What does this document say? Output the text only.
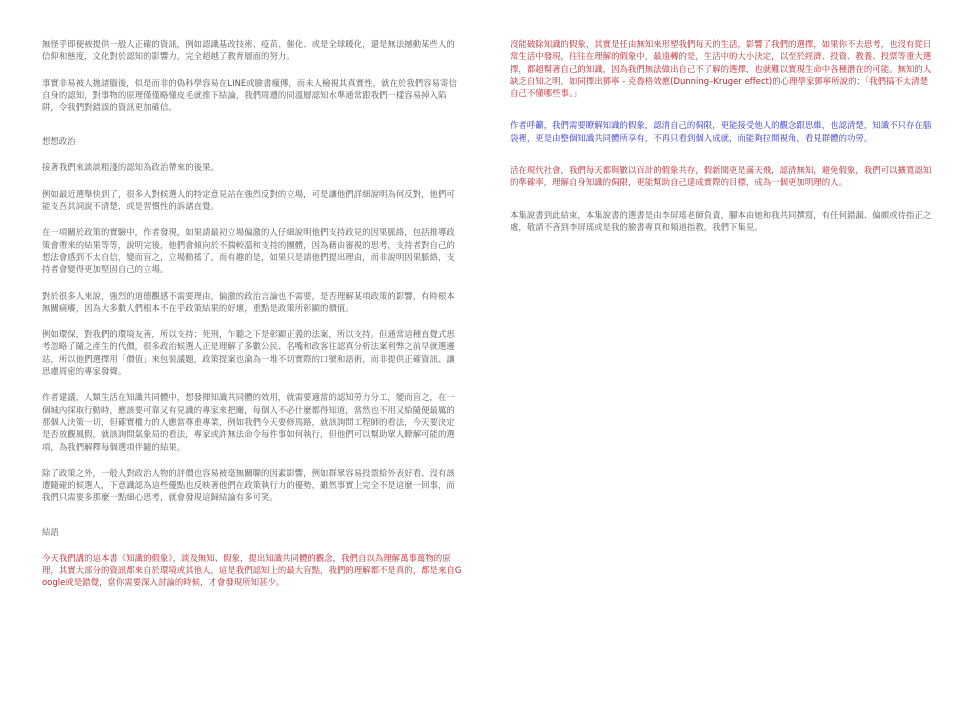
無怪乎即便被提供一般人正確的資訊，例如認識基改技術、疫苗、催化、或是全球暖化，還是無法撼動某些人的信仰和態度，文化對於認知的影響力，完全超越了教育層面的努力。

事實非易被人拋諸腦後，似是而非的偽科學容易在LINE或臉書瘋傳，而未人檢視其真實性，就在於我們容易寄信自身的認知，對事物的原理僅僅略懂皮毛就推下結論，我們周遭的同溫層認知水準通常跟我們一樣容易掉入陷阱，令我們對錯誤的資訊更加確信。

想想政治

接著我們來談談粗淺的認知為政治帶來的後果。

例如最近選舉快到了，很多人對候選人的特定意見站在強烈反對的立場，可是讓他們詳細說明為何反對，他們可能支吾其詞說不清楚，或是習慣性的訴諸直覺。

在一項關於政策的實驗中，作者發現，如果請最初立場偏激的人仔細說明他們支持政見的因果脈絡，包括推導政策會帶來的結果等等，說明完後，他們會傾向於不揣較溫和支持的團體，因為藉由審視的思考，支持者對自己的想法會感到不太自信，變而盲之，立場動搖了，而有趣的是，如果只是請他們提出理由，而非說明因果脈絡，支持者會變得更加堅固自己的立場。

對於很多人來說，強烈的道德觀感不需要理由，偏激的政治言論也不需要，是否理解某項政策的影響，有時根本無關痛癢，因為大多數人們根本不在乎政策結果的好壞，重點是政策所彰顯的價值。

例如環保，對我們的環境友善，所以支持；死刑，乍聽之下是彰顯正義的法案，所以支持。但通常這種直覺式思考忽略了隨之產生的代價，很多政治候選人正是理解了多數公民、名嘴和政客往認真分析法案利弊之前早就選邊站，所以他們選擇用「價值」來包裝議題，政策提案也淪為一堆不切實際的口號和語術，而非提供正確資訊、讓思慮周密的專家發聲。

作者建議，人類生活在知識共同體中，想發揮知識共同體的效用，就需要適當的認知勞力分工，變而盲之，在一個城內採取行動時，應該要可靠又有見識的專家來把關，每個人不必什麼都得知道，當然也不用又給隨便最厲的那個人決策一切，但確實權力的人應當尊重專業，例如我們今天要修馬路，就該詢問工程師的看法，今天要決定是否放觀風假，就該詢問氣象局的看法，專家或許無法命令每件事如何執行，但他們可以幫助眾人瞭解可能的選項，為我們解釋每個選項伴隨的結果。

除了政策之外，一般人對政治人物的評價也容易被毫無關聯的因素影響，例如群眾容易投票給外表好看、沒有該遭隨碰的候選人，下意識認為這些優點也反映著他們在政策執行力的優勢，雖然事實上完全不是這麼一回事，而我們只需要多那麼一點細心思考，就會發現這歸結論有多可笑。

結語

今天我們講的這本書《知識的假象》，談及無知、假象，提出知識共同體的觀念，我們自以為理解萬事萬物的原理，其實大部分的資訊都來自於環境或其他人，這是我們認知上的最大盲點，我們的理解都不是真的，都是來自Google或是錯覺，當你需要深入討論的時候，才會發現所知甚少。

沒能破除知識的假象，其實是任由無知來形塑我們每天的生活，影響了我們的選擇，如果你不去思考，也沒有從日常生活中發現，往往在理解的假象中，最遠轉的是，生活中的大小決定，以至於經濟、投資、教養、投票等重大選擇，都超幫著自己的知識，因為我們無法做出自己不了解的選擇，也就難以實現生命中各種潛在的可能。無知的人缺乏自知之明，如同擇出鄧寧 - 克魯格效應(Dunning–Kruger effect)的心理學家鄧寧所說的：「我們搞不太清楚自己不懂哪些事。」

作者呼籲，我們需要瞭解知識的假象，認清自己的侷限，更能接受他人的觀念跟思維，也認清楚，知識不只存在腦袋裡，更是由整個知識共同體所享有，不再只看到個人成就，而能夠拉開視角，看見群體的功勞。

活在現代社會，我們每天都與數以百計的假象共存，假新聞更是滿天飛，認清無知，避免假象，我們可以擴寬認知的準確率，理解自身知識的侷限，更能幫助自己達成實際的目標，成為一個更加明理的人。

本集說書到此結束，本集說書的選書是由李屏瑤老師負責，腳本由她和我共同撰寫，有任何錯漏、偏頗或待指正之處，敬請不吝到李屏瑤或是我的臉書專頁和頻道指教，我們下集見。
